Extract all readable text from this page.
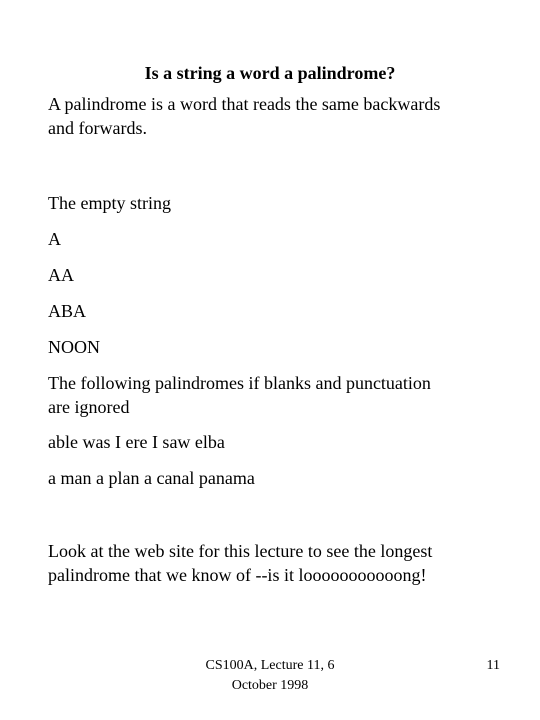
Is a string a word a palindrome?
A palindrome is a word that reads the same backwards
and forwards.
The empty string
A
AA
ABA
NOON
The following palindromes if blanks and punctuation
are ignored
able was I ere I saw elba
a man a plan a canal panama
Look at the web site for this lecture to see the longest
palindrome that we know of --is it looooooooooong!
CS100A, Lecture 11, 6
October 1998
11
